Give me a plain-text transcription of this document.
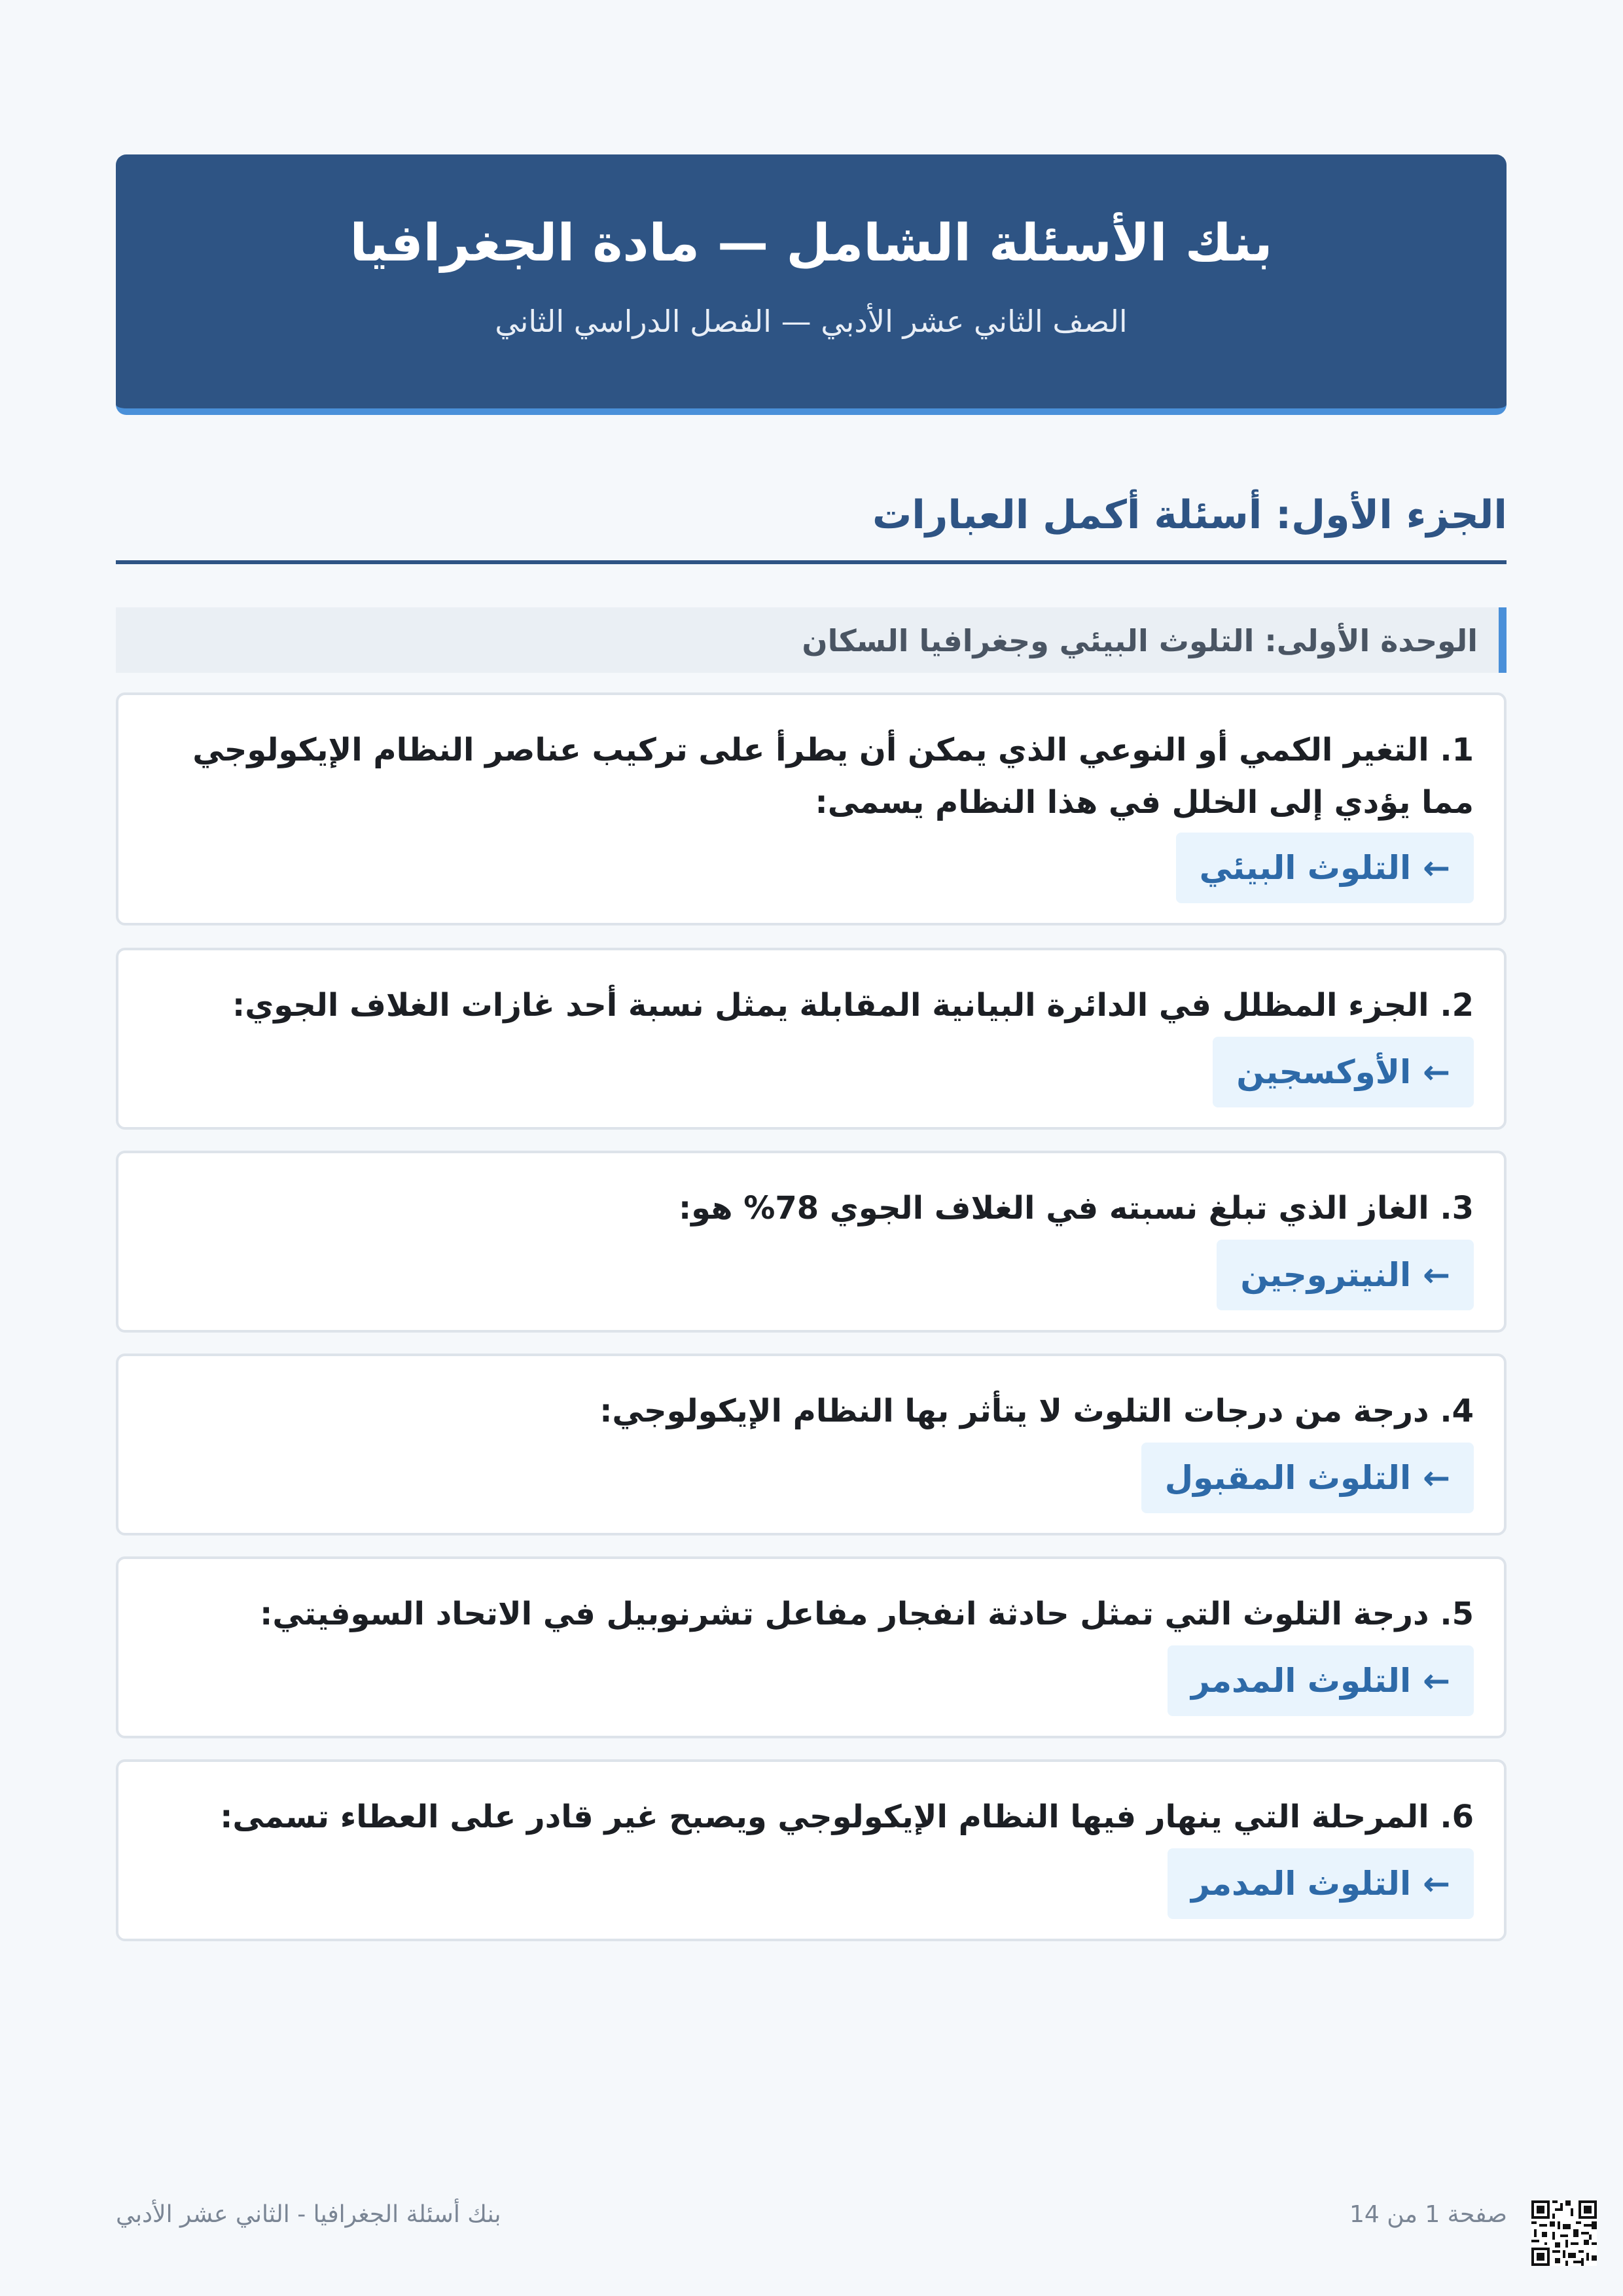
بنك الأسئلة الشامل — مادة الجغرافيا
الصف الثاني عشر الأدبي — الفصل الدراسي الثاني
الجزء الأول: أسئلة أكمل العبارات
الوحدة الأولى: التلوث البيئي وجغرافيا السكان
1. التغير الكمي أو النوعي الذي يمكن أن يطرأ على تركيب عناصر النظام الإيكولوجي مما يؤدي إلى الخلل في هذا النظام يسمى:
←التلوث البيئي
2. الجزء المظلل في الدائرة البيانية المقابلة يمثل نسبة أحد غازات الغلاف الجوي:
←الأوكسجين
3. الغاز الذي تبلغ نسبته في الغلاف الجوي 78% هو:
←النيتروجين
4. درجة من درجات التلوث لا يتأثر بها النظام الإيكولوجي:
←التلوث المقبول
5. درجة التلوث التي تمثل حادثة انفجار مفاعل تشرنوبيل في الاتحاد السوفيتي:
←التلوث المدمر
6. المرحلة التي ينهار فيها النظام الإيكولوجي ويصبح غير قادر على العطاء تسمى:
←التلوث المدمر
صفحة 1 من 14
بنك أسئلة الجغرافيا - الثاني عشر الأدبي
